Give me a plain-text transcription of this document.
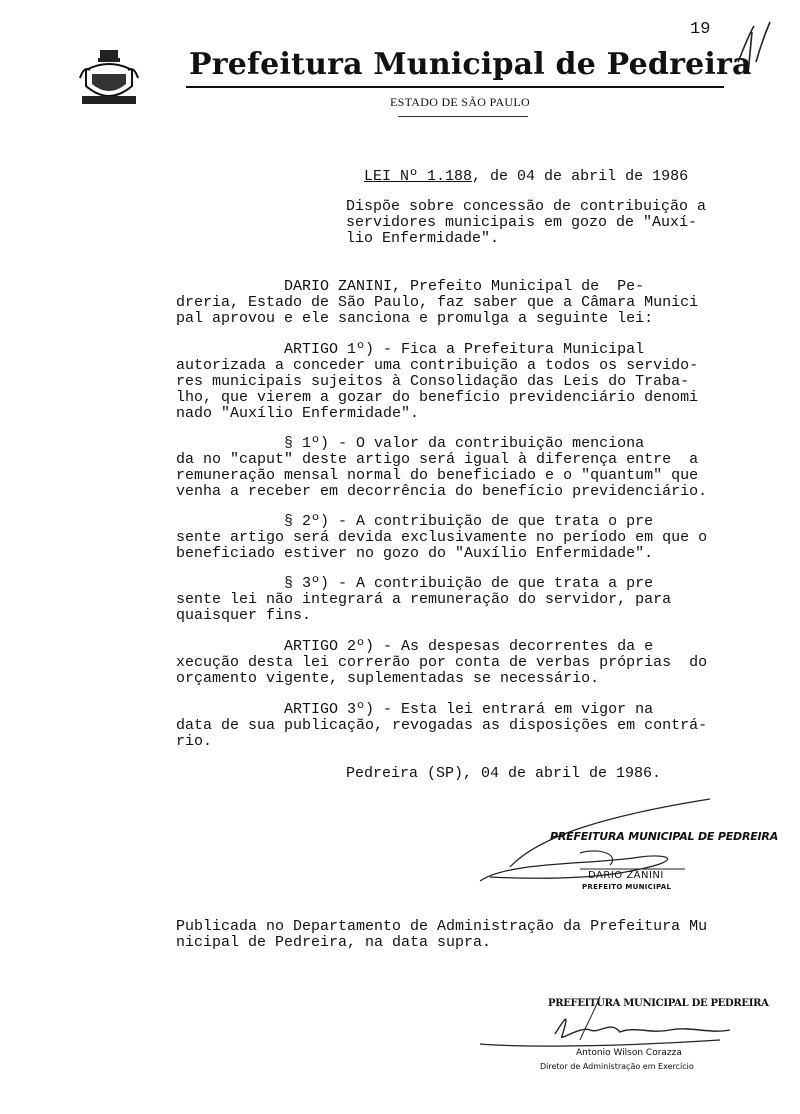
19
Prefeitura Municipal de Pedreira
ESTADO DE SÃO PAULO

LEI Nº 1.188, de 04 de abril de 1986

Dispõe sobre concessão de contribuição a
servidores municipais em gozo de "Auxí-
lio Enfermidade".
DARIO ZANINI, Prefeito Municipal de  Pe-
dreria, Estado de São Paulo, faz saber que a Câmara Munici
pal aprovou e ele sanciona e promulga a seguinte lei:
ARTIGO 1º) - Fica a Prefeitura Municipal
autorizada a conceder uma contribuição a todos os servido-
res municipais sujeitos à Consolidação das Leis do Traba-
lho, que vierem a gozar do benefício previdenciário denomi
nado "Auxílio Enfermidade".
§ 1º) - O valor da contribuição menciona
da no "caput" deste artigo será igual à diferença entre  a
remuneração mensal normal do beneficiado e o "quantum" que
venha a receber em decorrência do benefício previdenciário.
§ 2º) - A contribuição de que trata o pre
sente artigo será devida exclusivamente no período em que o
beneficiado estiver no gozo do "Auxílio Enfermidade".
§ 3º) - A contribuição de que trata a pre
sente lei não integrará a remuneração do servidor, para
quaisquer fins.
ARTIGO 2º) - As despesas decorrentes da e
xecução desta lei correrão por conta de verbas próprias  do
orçamento vigente, suplementadas se necessário.
ARTIGO 3º) - Esta lei entrará em vigor na
data de sua publicação, revogadas as disposições em contrá-
rio.
Pedreira (SP), 04 de abril de 1986.
PREFEITURA MUNICIPAL DE PEDREIRA
DARIO ZANINI
PREFEITO MUNICIPAL
Publicada no Departamento de Administração da Prefeitura Mu
nicipal de Pedreira, na data supra.
PREFEITURA MUNICIPAL DE PEDREIRA
Antonio Wilson Corazza
Diretor de Administração em Exercício
